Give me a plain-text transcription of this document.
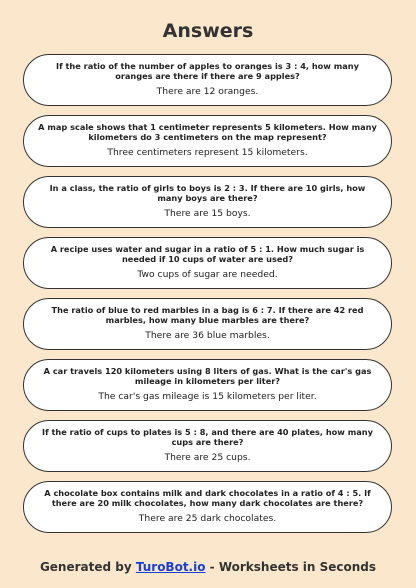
Answers
If the ratio of the number of apples to oranges is 3 : 4, how many oranges are there if there are 9 apples?
There are 12 oranges.
A map scale shows that 1 centimeter represents 5 kilometers. How many kilometers do 3 centimeters on the map represent?
Three centimeters represent 15 kilometers.
In a class, the ratio of girls to boys is 2 : 3. If there are 10 girls, how many boys are there?
There are 15 boys.
A recipe uses water and sugar in a ratio of 5 : 1. How much sugar is needed if 10 cups of water are used?
Two cups of sugar are needed.
The ratio of blue to red marbles in a bag is 6 : 7. If there are 42 red marbles, how many blue marbles are there?
There are 36 blue marbles.
A car travels 120 kilometers using 8 liters of gas. What is the car's gas mileage in kilometers per liter?
The car's gas mileage is 15 kilometers per liter.
If the ratio of cups to plates is 5 : 8, and there are 40 plates, how many cups are there?
There are 25 cups.
A chocolate box contains milk and dark chocolates in a ratio of 4 : 5. If there are 20 milk chocolates, how many dark chocolates are there?
There are 25 dark chocolates.
Generated by TuroBot.io - Worksheets in Seconds
